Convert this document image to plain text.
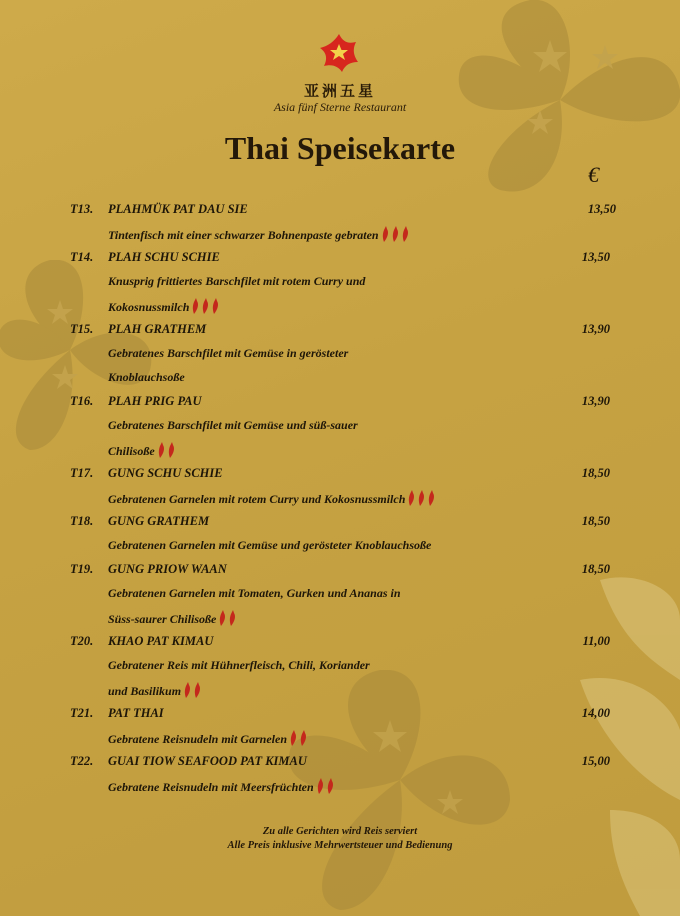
亚洲五星
Asia fünf Sterne Restaurant
Thai Speisekarte
€
T13. PLAHMÜK PAT DAU SIE	13,50
Tintenfisch mit einer schwarzer Bohnenpaste gebraten
T14. PLAH SCHU SCHIE	13,50
Knusprig frittiertes Barschfilet mit rotem Curry und
Kokosnussmilch
T15. PLAH GRATHEM	13,90
Gebratenes Barschfilet mit Gemüse in gerösteter
Knoblauchsoße
T16. PLAH PRIG PAU	13,90
Gebratenes Barschfilet mit Gemüse und süß-sauer
Chilisoße
T17. GUNG SCHU SCHIE	18,50
Gebratenen Garnelen mit rotem Curry und Kokosnussmilch
T18. GUNG GRATHEM	18,50
Gebratenen Garnelen mit Gemüse und gerösteter Knoblauchsoße
T19. GUNG PRIOW WAAN	18,50
Gebratenen Garnelen mit Tomaten, Gurken und Ananas in
Süss-saurer Chilisoße
T20. KHAO PAT KIMAU	11,00
Gebratener Reis mit Hühnerfleisch, Chili, Koriander
und Basilikum
T21. PAT THAI	14,00
Gebratene Reisnudeln mit Garnelen
T22. GUAI TIOW SEAFOOD PAT KIMAU	15,00
Gebratene Reisnudeln mit Meersfrüchten
Zu alle Gerichten wird Reis serviert
Alle Preis inklusive Mehrwertsteuer und Bedienung
